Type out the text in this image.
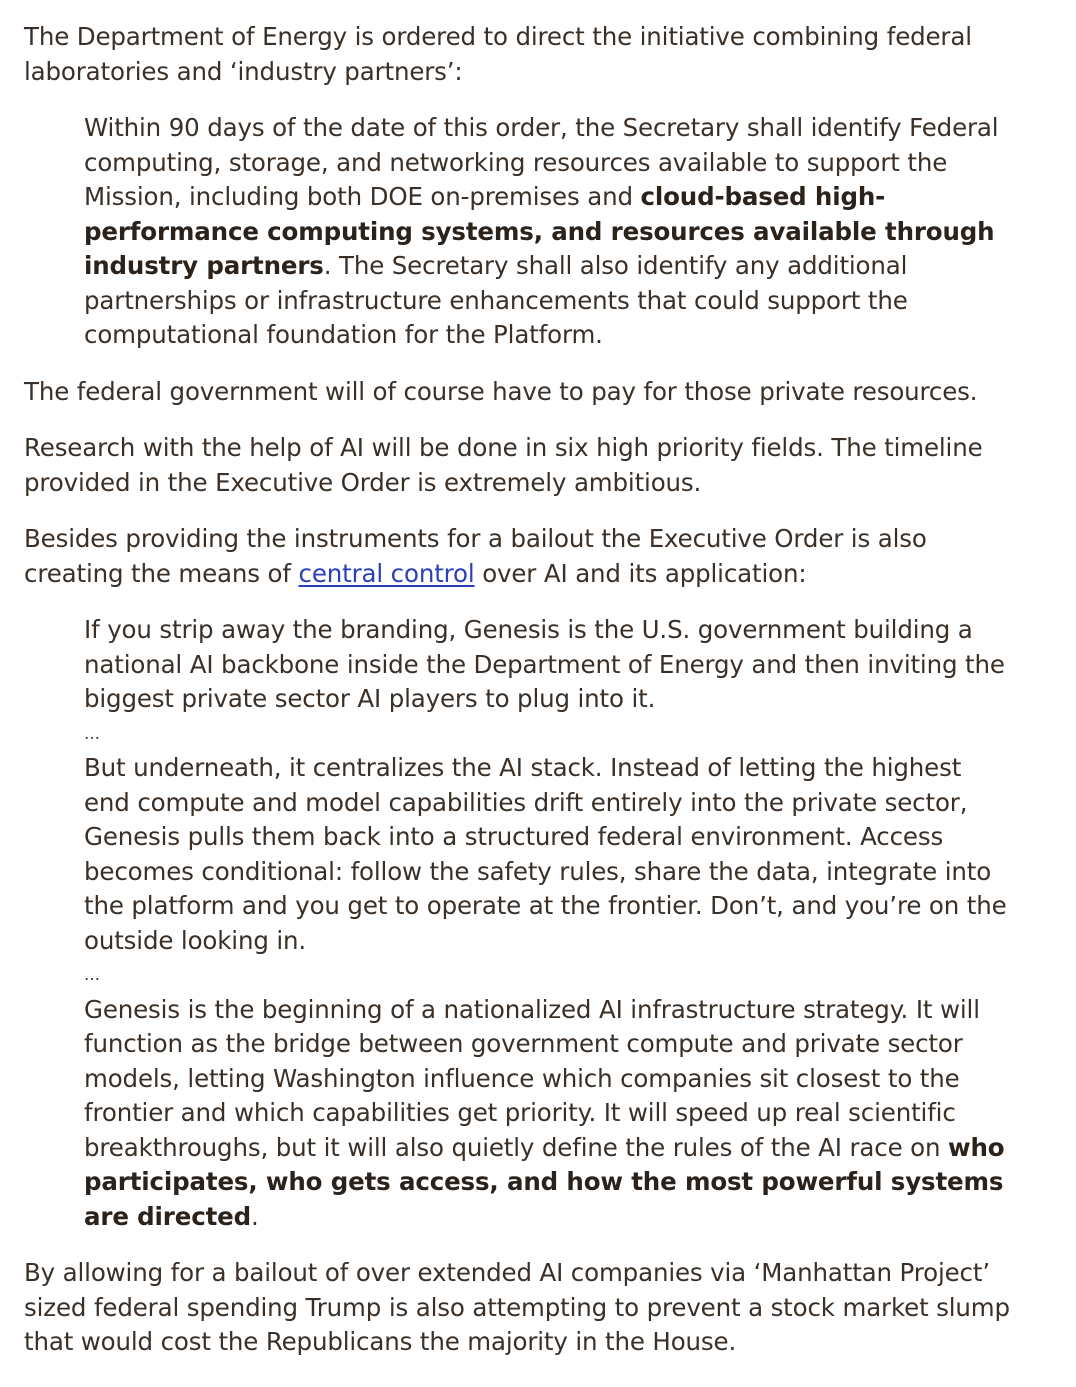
The Department of Energy is ordered to direct the initiative combining federal laboratories and ‘industry partners’:

Within 90 days of the date of this order, the Secretary shall identify Federal computing, storage, and networking resources available to support the Mission, including both DOE on-premises and cloud-based high-performance computing systems, and resources available through industry partners. The Secretary shall also identify any additional partnerships or infrastructure enhancements that could support the computational foundation for the Platform.

The federal government will of course have to pay for those private resources.

Research with the help of AI will be done in six high priority fields. The timeline provided in the Executive Order is extremely ambitious.

Besides providing the instruments for a bailout the Executive Order is also creating the means of central control over AI and its application:

If you strip away the branding, Genesis is the U.S. government building a national AI backbone inside the Department of Energy and then inviting the biggest private sector AI players to plug into it.

…

But underneath, it centralizes the AI stack. Instead of letting the highest end compute and model capabilities drift entirely into the private sector, Genesis pulls them back into a structured federal environment. Access becomes conditional: follow the safety rules, share the data, integrate into the platform and you get to operate at the frontier. Don’t, and you’re on the outside looking in.

…

Genesis is the beginning of a nationalized AI infrastructure strategy. It will function as the bridge between government compute and private sector models, letting Washington influence which companies sit closest to the frontier and which capabilities get priority. It will speed up real scientific breakthroughs, but it will also quietly define the rules of the AI race on who participates, who gets access, and how the most powerful systems are directed.

By allowing for a bailout of over extended AI companies via ‘Manhattan Project’ sized federal spending Trump is also attempting to prevent a stock market slump that would cost the Republicans the majority in the House.
